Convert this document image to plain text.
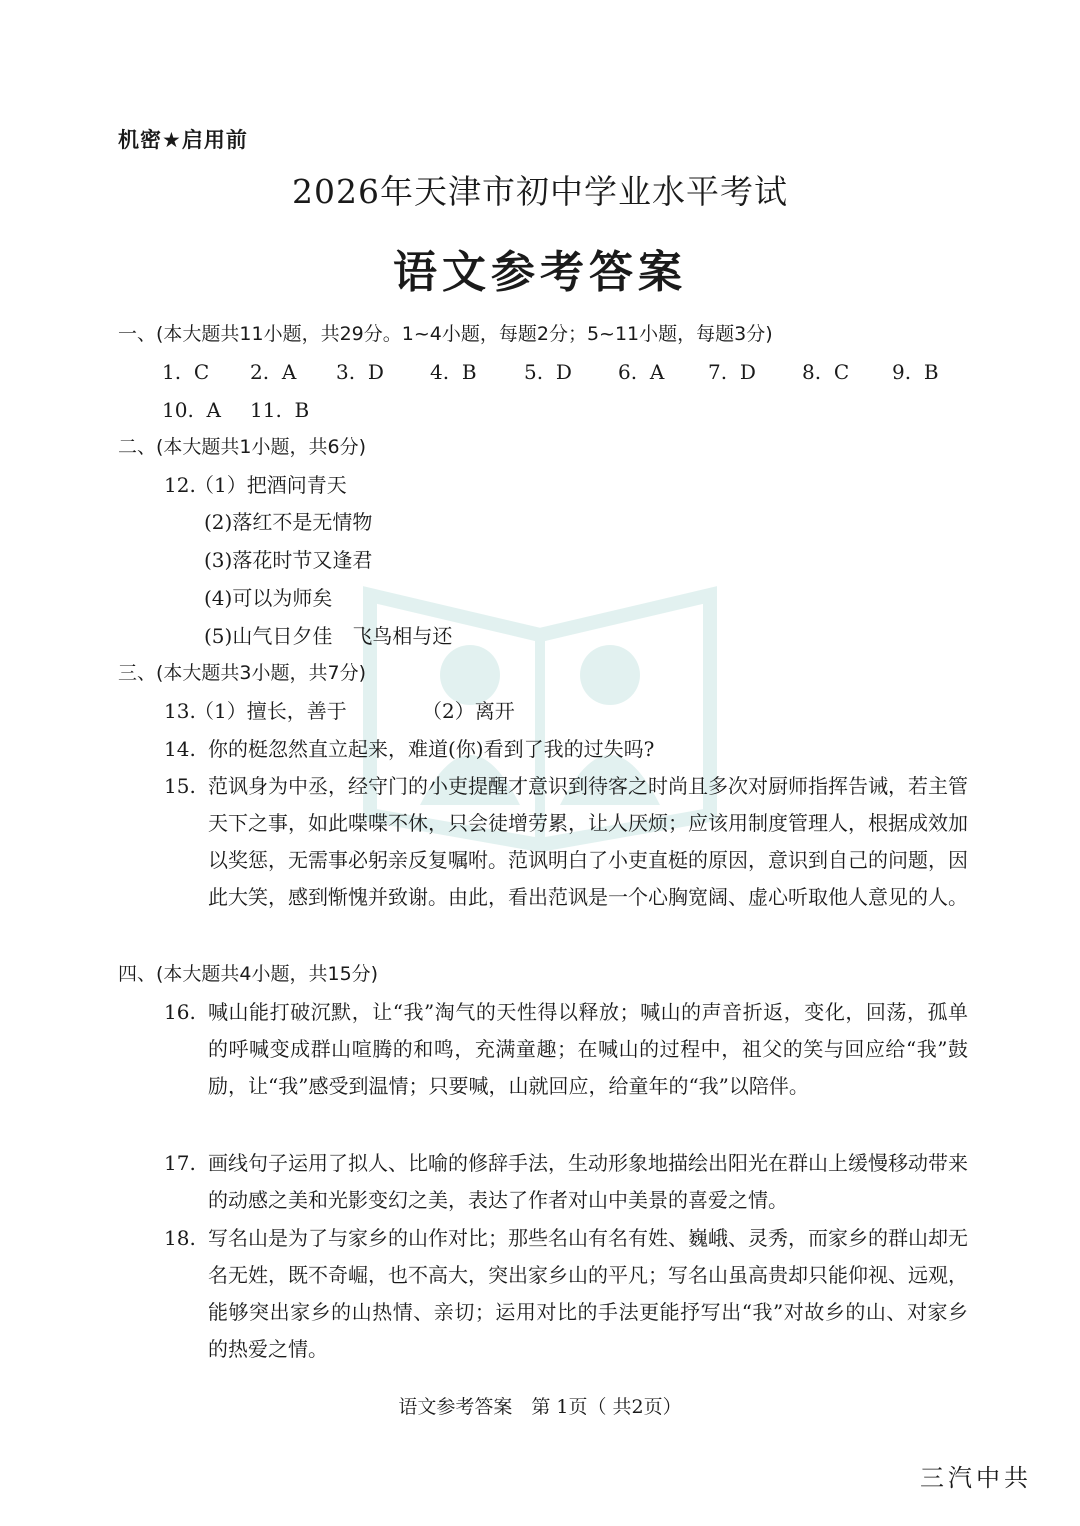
机密★启用前
2026年天津市初中学业水平考试
语文参考答案
一、(本大题共11小题，共29分。1~4小题，每题2分；5~11小题，每题3分)
1. C 2. A 3. D 4. B 5. D 6. A 7. D 8. C 9. B
10. A 11. B
二、(本大题共1小题，共6分)
12.
（1）把酒问青天
(2)落红不是无情物
(3)落花时节又逢君
(4)可以为师矣
(5)山气日夕佳　飞鸟相与还
三、(本大题共3小题，共7分)
13.
（1）擅长，善于	（2）离开
14. 你的梃忽然直立起来，难道(你)看到了我的过失吗?
15. 范讽身为中丞，经守门的小吏提醒才意识到待客之时尚且多次对厨师指挥告诫，若主管天下之事，如此喋喋不休，只会徒增劳累，让人厌烦；应该用制度管理人，根据成效加以奖惩，无需事必躬亲反复嘱咐。范讽明白了小吏直梃的原因，意识到自己的问题，因此大笑，感到惭愧并致谢。由此，看出范讽是一个心胸宽阔、虚心听取他人意见的人。
四、(本大题共4小题，共15分)
16. 喊山能打破沉默，让“我”淘气的天性得以释放；喊山的声音折返，变化，回荡，孤单的呼喊变成群山喧腾的和鸣，充满童趣；在喊山的过程中，祖父的笑与回应给“我”鼓励，让“我”感受到温情；只要喊，山就回应，给童年的“我”以陪伴。
17. 画线句子运用了拟人、比喻的修辞手法，生动形象地描绘出阳光在群山上缓慢移动带来的动感之美和光影变幻之美，表达了作者对山中美景的喜爱之情。
18. 写名山是为了与家乡的山作对比；那些名山有名有姓、巍峨、灵秀，而家乡的群山却无名无姓，既不奇崛，也不高大，突出家乡山的平凡；写名山虽高贵却只能仰视、远观，能够突出家乡的山热情、亲切；运用对比的手法更能抒写出“我”对故乡的山、对家乡的热爱之情。
语文参考答案　第 1页（ 共2页）
三汽中共
